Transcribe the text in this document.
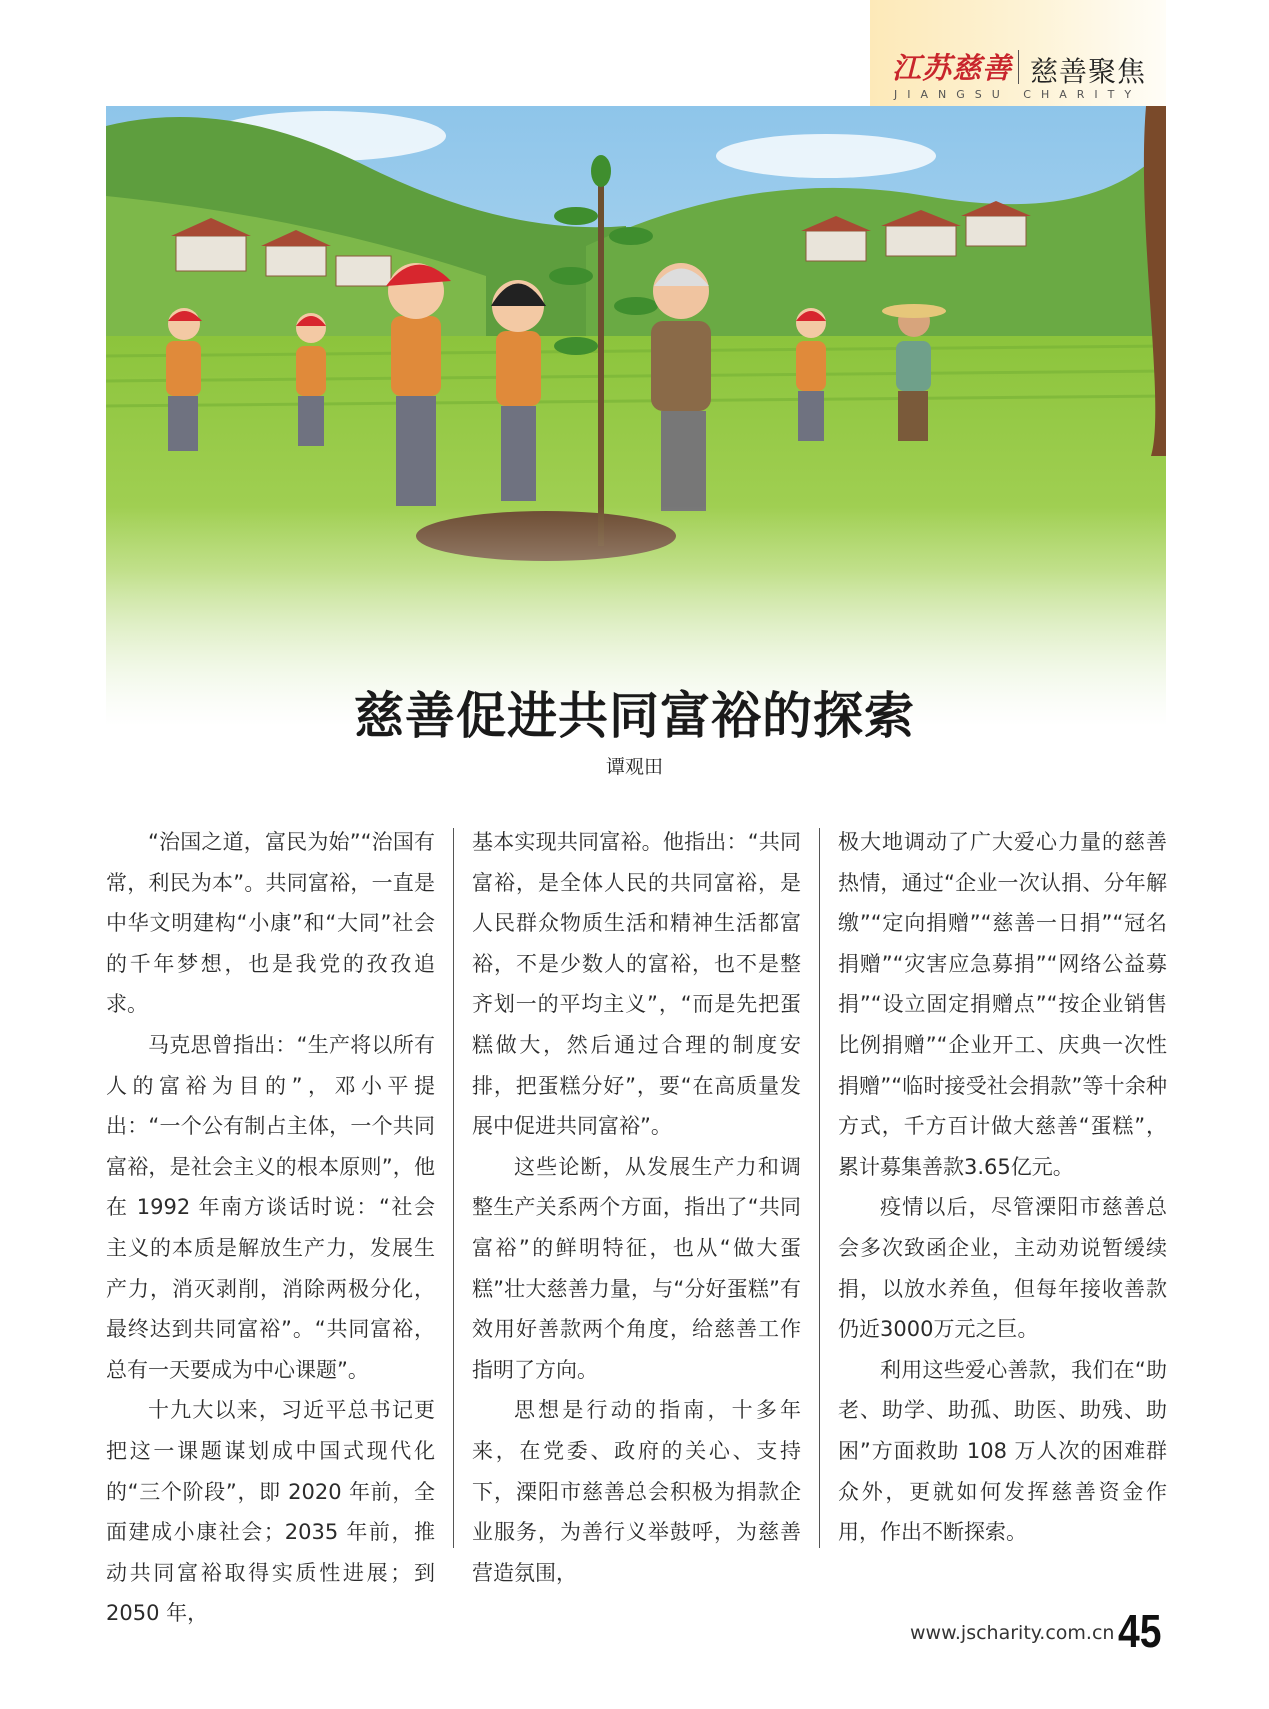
江苏慈善 慈善聚焦
JIANGSU CHARITY
慈善促进共同富裕的探索
谭观田

“治国之道，富民为始”“治国有常，利民为本”。共同富裕，一直是中华文明建构“小康”和“大同”社会的千年梦想，也是我党的孜孜追求。

马克思曾指出：“生产将以所有人的富裕为目的”，邓小平提出：“一个公有制占主体，一个共同富裕，是社会主义的根本原则”，他在 1992 年南方谈话时说：“社会主义的本质是解放生产力，发展生产力，消灭剥削，消除两极分化，最终达到共同富裕”。“共同富裕，总有一天要成为中心课题”。

十九大以来，习近平总书记更把这一课题谋划成中国式现代化的“三个阶段”，即 2020 年前，全面建成小康社会；2035 年前，推动共同富裕取得实质性进展；到 2050 年，

基本实现共同富裕。他指出：“共同富裕，是全体人民的共同富裕，是人民群众物质生活和精神生活都富裕，不是少数人的富裕，也不是整齐划一的平均主义”，“而是先把蛋糕做大，然后通过合理的制度安排，把蛋糕分好”，要“在高质量发展中促进共同富裕”。

这些论断，从发展生产力和调整生产关系两个方面，指出了“共同富裕”的鲜明特征，也从“做大蛋糕”壮大慈善力量，与“分好蛋糕”有效用好善款两个角度，给慈善工作指明了方向。

思想是行动的指南，十多年来，在党委、政府的关心、支持下，溧阳市慈善总会积极为捐款企业服务，为善行义举鼓呼，为慈善营造氛围，

极大地调动了广大爱心力量的慈善热情，通过“企业一次认捐、分年解缴”“定向捐赠”“慈善一日捐”“冠名捐赠”“灾害应急募捐”“网络公益募捐”“设立固定捐赠点”“按企业销售比例捐赠”“企业开工、庆典一次性捐赠”“临时接受社会捐款”等十余种方式，千方百计做大慈善“蛋糕”，累计募集善款3.65亿元。

疫情以后，尽管溧阳市慈善总会多次致函企业，主动劝说暂缓续捐，以放水养鱼，但每年接收善款仍近3000万元之巨。

利用这些爱心善款，我们在“助老、助学、助孤、助医、助残、助困”方面救助 108 万人次的困难群众外，更就如何发挥慈善资金作用，作出不断探索。

www.jscharity.com.cn 45
